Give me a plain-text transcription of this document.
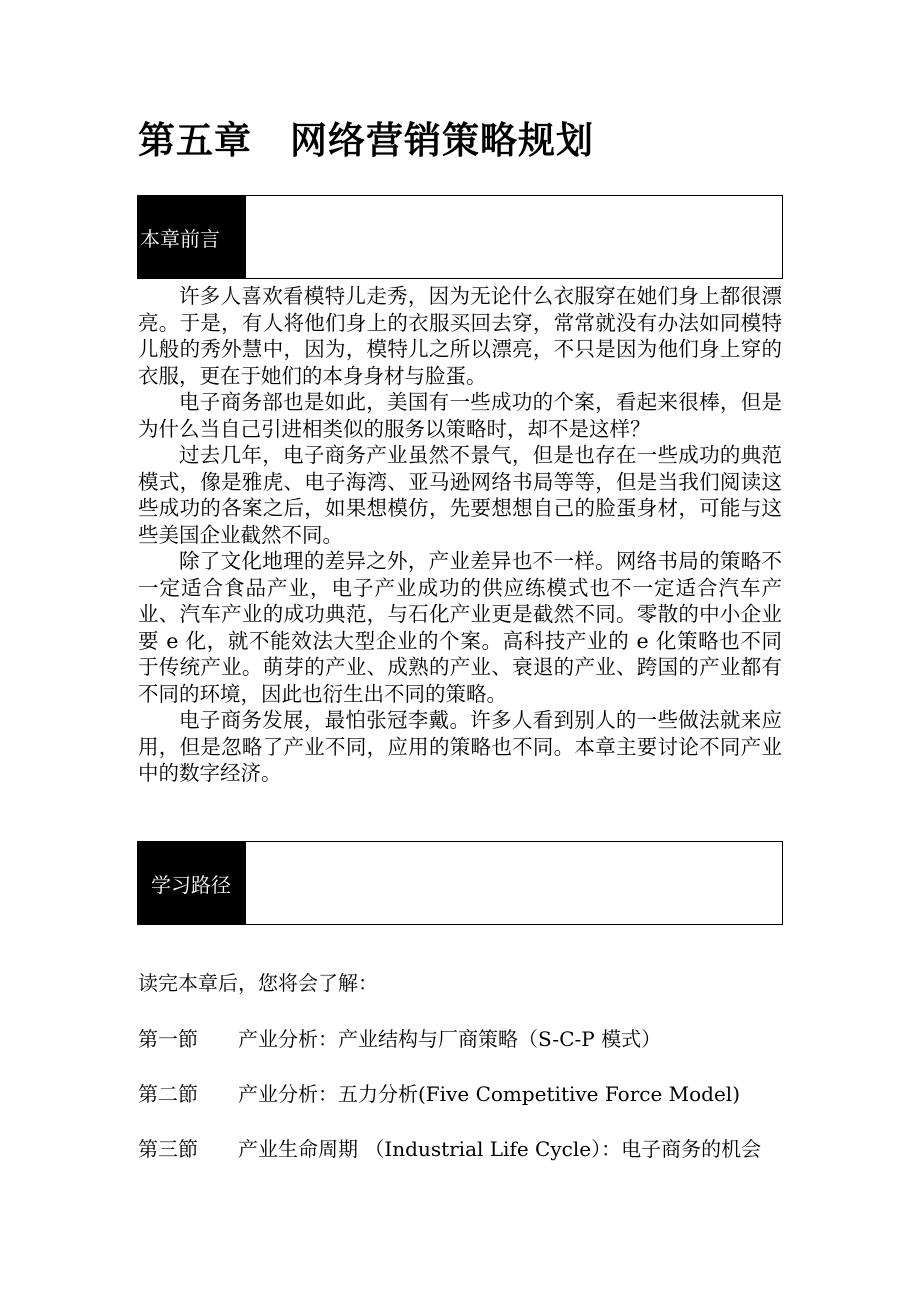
第五章　网络营销策略规划
本章前言

许多人喜欢看模特儿走秀，因为无论什么衣服穿在她们身上都很漂亮。于是，有人将他们身上的衣服买回去穿，常常就没有办法如同模特儿般的秀外慧中，因为，模特儿之所以漂亮，不只是因为他们身上穿的衣服，更在于她们的本身身材与脸蛋。

电子商务部也是如此，美国有一些成功的个案，看起来很棒，但是为什么当自己引进相类似的服务以策略时，却不是这样？

过去几年，电子商务产业虽然不景气，但是也存在一些成功的典范模式，像是雅虎、电子海湾、亚马逊网络书局等等，但是当我们阅读这些成功的各案之后，如果想模仿，先要想想自己的脸蛋身材，可能与这些美国企业截然不同。

除了文化地理的差异之外，产业差异也不一样。网络书局的策略不一定适合食品产业，电子产业成功的供应练模式也不一定适合汽车产业、汽车产业的成功典范，与石化产业更是截然不同。零散的中小企业要 e 化，就不能效法大型企业的个案。高科技产业的 e 化策略也不同于传统产业。萌芽的产业、成熟的产业、衰退的产业、跨国的产业都有不同的环境，因此也衍生出不同的策略。

电子商务发展，最怕张冠李戴。许多人看到别人的一些做法就来应用，但是忽略了产业不同，应用的策略也不同。本章主要讨论不同产业中的数字经济。

学习路径

读完本章后，您将会了解：

第一節 产业分析：产业结构与厂商策略（S-C-P 模式）
第二節 产业分析：五力分析(Five Competitive Force Model)
第三節 产业生命周期 （Industrial Life Cycle）：电子商务的机会
